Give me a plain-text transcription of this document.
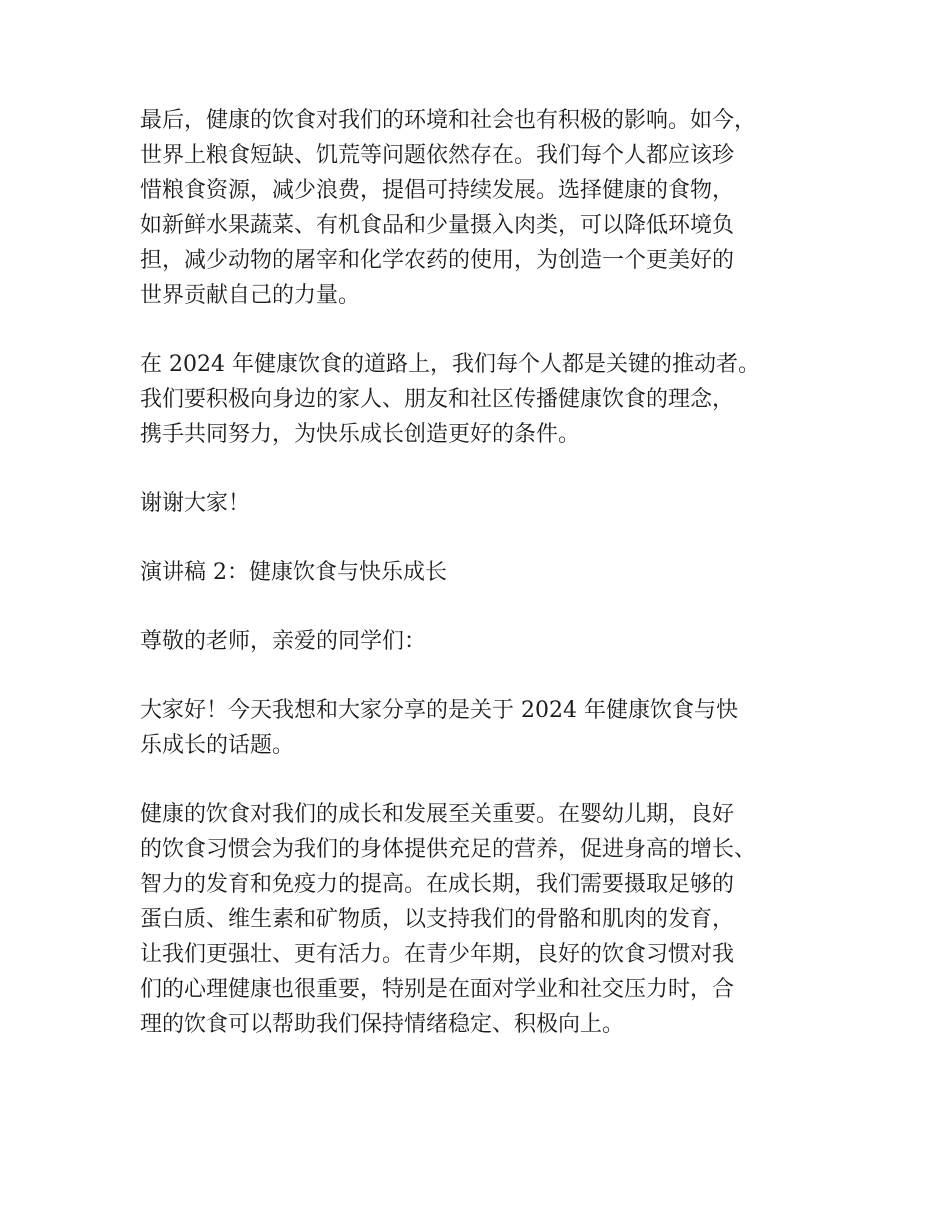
最后，健康的饮食对我们的环境和社会也有积极的影响。如今，
世界上粮食短缺、饥荒等问题依然存在。我们每个人都应该珍
惜粮食资源，减少浪费，提倡可持续发展。选择健康的食物，
如新鲜水果蔬菜、有机食品和少量摄入肉类，可以降低环境负
担，减少动物的屠宰和化学农药的使用，为创造一个更美好的
世界贡献自己的力量。

在 2024 年健康饮食的道路上，我们每个人都是关键的推动者。
我们要积极向身边的家人、朋友和社区传播健康饮食的理念，
携手共同努力，为快乐成长创造更好的条件。

谢谢大家！

演讲稿 2：健康饮食与快乐成长

尊敬的老师，亲爱的同学们：

大家好！今天我想和大家分享的是关于 2024 年健康饮食与快
乐成长的话题。

健康的饮食对我们的成长和发展至关重要。在婴幼儿期，良好
的饮食习惯会为我们的身体提供充足的营养，促进身高的增长、
智力的发育和免疫力的提高。在成长期，我们需要摄取足够的
蛋白质、维生素和矿物质，以支持我们的骨骼和肌肉的发育，
让我们更强壮、更有活力。在青少年期，良好的饮食习惯对我
们的心理健康也很重要，特别是在面对学业和社交压力时，合
理的饮食可以帮助我们保持情绪稳定、积极向上。
